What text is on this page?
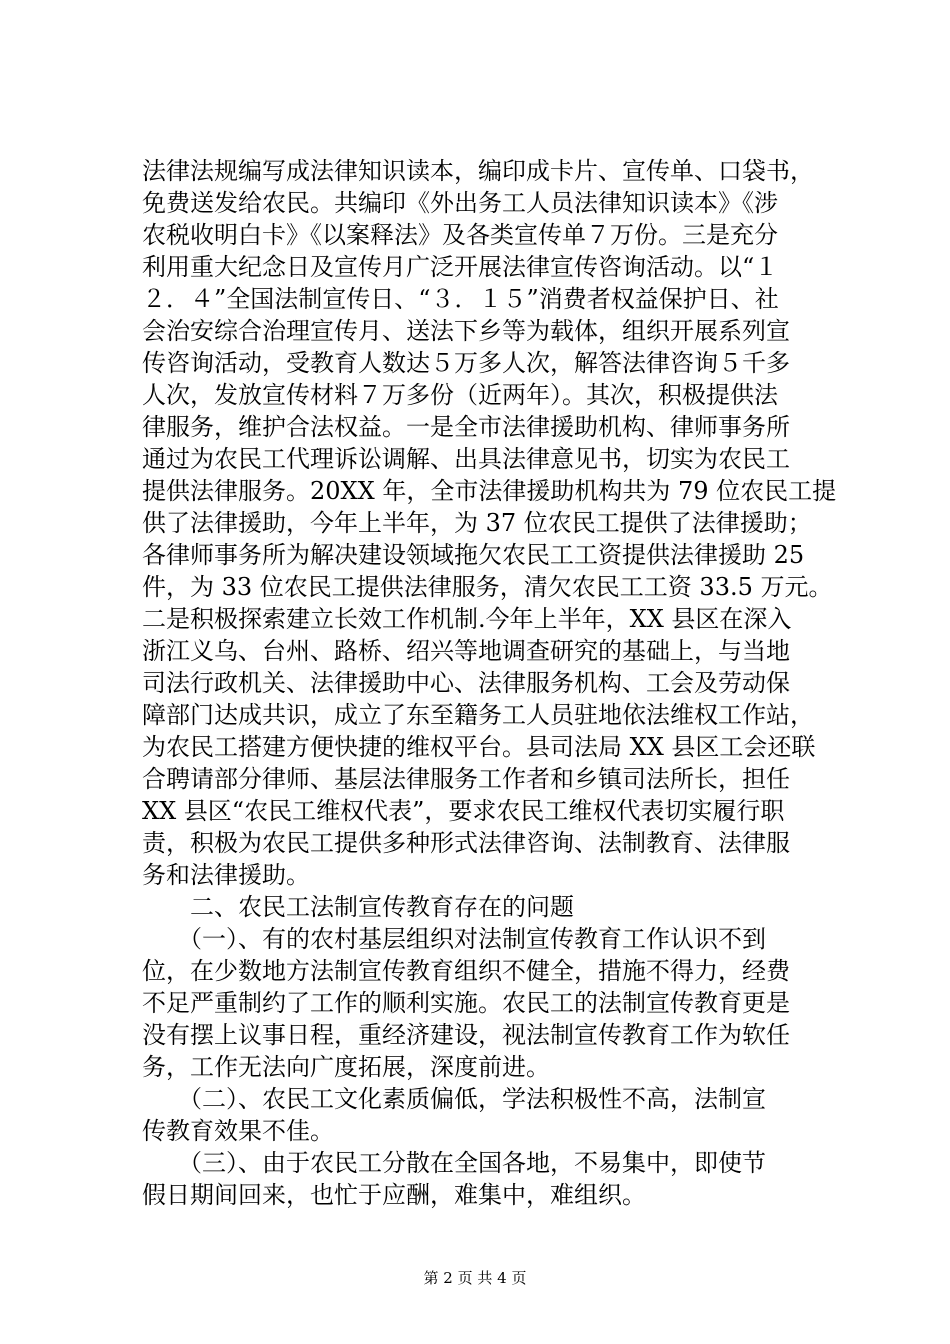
法律法规编写成法律知识读本，编印成卡片、宣传单、口袋书，
免费送发给农民。共编印《外出务工人员法律知识读本》《涉
农税收明白卡》《以案释法》及各类宣传单７万份。三是充分
利用重大纪念日及宣传月广泛开展法律宣传咨询活动。以“１
２．４”全国法制宣传日、“３．１５”消费者权益保护日、社
会治安综合治理宣传月、送法下乡等为载体，组织开展系列宣
传咨询活动，受教育人数达５万多人次，解答法律咨询５千多
人次，发放宣传材料７万多份（近两年）。其次，积极提供法
律服务，维护合法权益。一是全市法律援助机构、律师事务所
通过为农民工代理诉讼调解、出具法律意见书，切实为农民工
提供法律服务。20XX 年，全市法律援助机构共为 79 位农民工提
供了法律援助，今年上半年，为 37 位农民工提供了法律援助；
各律师事务所为解决建设领域拖欠农民工工资提供法律援助 25
件，为 33 位农民工提供法律服务，清欠农民工工资 33.5 万元。
二是积极探索建立长效工作机制.今年上半年，XX 县区在深入
浙江义乌、台州、路桥、绍兴等地调查研究的基础上，与当地
司法行政机关、法律援助中心、法律服务机构、工会及劳动保
障部门达成共识，成立了东至籍务工人员驻地依法维权工作站，
为农民工搭建方便快捷的维权平台。县司法局 XX 县区工会还联
合聘请部分律师、基层法律服务工作者和乡镇司法所长，担任
XX 县区“农民工维权代表”，要求农民工维权代表切实履行职
责，积极为农民工提供多种形式法律咨询、法制教育、法律服
务和法律援助。
　　二、农民工法制宣传教育存在的问题
　　（一）、有的农村基层组织对法制宣传教育工作认识不到
位，在少数地方法制宣传教育组织不健全，措施不得力，经费
不足严重制约了工作的顺利实施。农民工的法制宣传教育更是
没有摆上议事日程，重经济建设，视法制宣传教育工作为软任
务，工作无法向广度拓展，深度前进。
　　（二）、农民工文化素质偏低，学法积极性不高，法制宣
传教育效果不佳。
　　（三）、由于农民工分散在全国各地，不易集中，即使节
假日期间回来，也忙于应酬，难集中，难组织。
第 2 页 共 4 页
